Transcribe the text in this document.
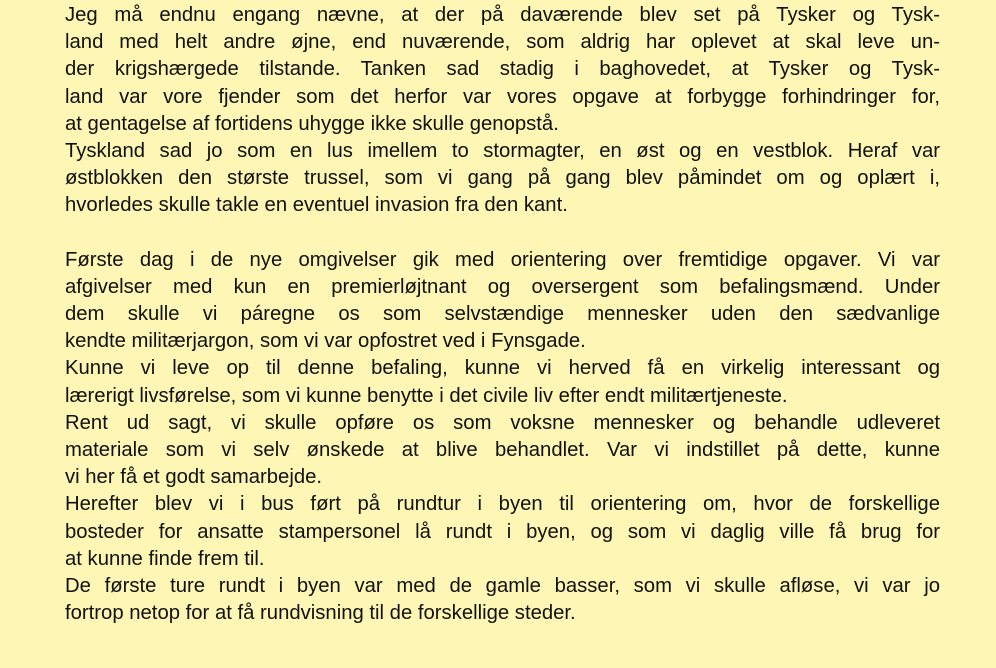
Jeg må endnu engang nævne, at der på daværende blev set på Tysker og Tysk-
land med helt andre øjne, end nuværende, som aldrig har oplevet at skal leve un-
der krigshærgede tilstande. Tanken sad stadig i baghovedet, at Tysker og Tysk-
land var vore fjender som det herfor var vores opgave at forbygge forhindringer for,
at gentagelse af fortidens uhygge ikke skulle genopstå.
Tyskland sad jo som en lus imellem to stormagter, en øst og en vestblok. Heraf var
østblokken den største trussel, som vi gang på gang blev påmindet om og oplært i,
hvorledes skulle takle en eventuel invasion fra den kant.
Første dag i de nye omgivelser gik med orientering over fremtidige opgaver. Vi var
afgivelser med kun en premierløjtnant og oversergent som befalingsmænd. Under
dem skulle vi páregne os som selvstændige mennesker uden den sædvanlige
kendte militærjargon, som vi var opfostret ved i Fynsgade.
Kunne vi leve op til denne befaling, kunne vi herved få en virkelig interessant og
lærerigt livsførelse, som vi kunne benytte i det civile liv efter endt militærtjeneste.
Rent ud sagt, vi skulle opføre os som voksne mennesker og behandle udleveret
materiale som vi selv ønskede at blive behandlet. Var vi indstillet på dette, kunne
vi her få et godt samarbejde.
Herefter blev vi i bus ført på rundtur i byen til orientering om, hvor de forskellige
bosteder for ansatte stampersonel lå rundt i byen, og som vi daglig ville få brug for
at kunne finde frem til.
De første ture rundt i byen var med de gamle basser, som vi skulle afløse, vi var jo
fortrop netop for at få rundvisning til de forskellige steder.
